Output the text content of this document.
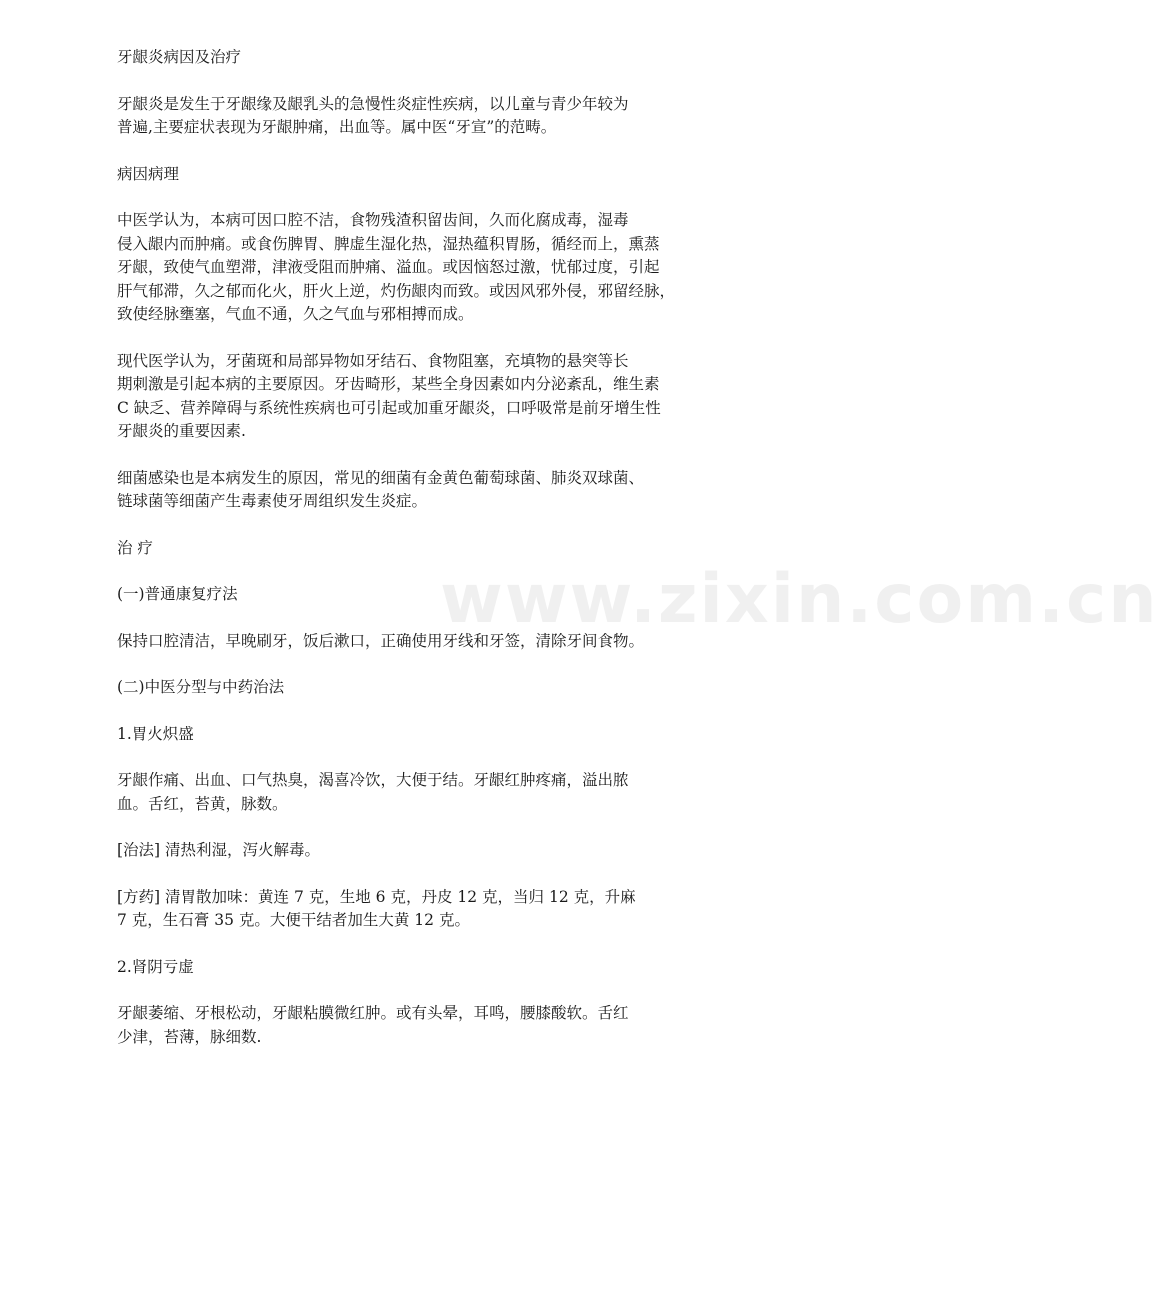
牙龈炎病因及治疗

牙龈炎是发生于牙龈缘及龈乳头的急慢性炎症性疾病，以儿童与青少年较为
普遍,主要症状表现为牙龈肿痛，出血等。属中医“牙宣”的范畴。

病因病理

中医学认为，本病可因口腔不洁，食物残渣积留齿间，久而化腐成毒，湿毒
侵入龈内而肿痛。或食伤脾胃、脾虚生湿化热，湿热蕴积胃肠，循经而上，熏蒸
牙龈，致使气血塑滞，津液受阻而肿痛、溢血。或因恼怒过激，忧郁过度，引起
肝气郁滞，久之郁而化火，肝火上逆，灼伤龈肉而致。或因风邪外侵，邪留经脉，
致使经脉壅塞，气血不通，久之气血与邪相搏而成。

现代医学认为，牙菌斑和局部异物如牙结石、食物阻塞，充填物的悬突等长
期刺激是引起本病的主要原因。牙齿畸形，某些全身因素如内分泌紊乱，维生素
C 缺乏、营养障碍与系统性疾病也可引起或加重牙龈炎，口呼吸常是前牙增生性
牙龈炎的重要因素.

细菌感染也是本病发生的原因，常见的细菌有金黄色葡萄球菌、肺炎双球菌、
链球菌等细菌产生毒素使牙周组织发生炎症。

治 疗

(一)普通康复疗法

保持口腔清洁，早晚刷牙，饭后漱口，正确使用牙线和牙签，清除牙间食物。

(二)中医分型与中药治法

1.胃火炽盛

牙龈作痛、出血、口气热臭，渴喜冷饮，大便于结。牙龈红肿疼痛，溢出脓
血。舌红，苔黄，脉数。

[治法] 清热利湿，泻火解毒。

[方药] 清胃散加味：黄连 7 克，生地 6 克，丹皮 12 克，当归 12 克，升麻
7 克，生石膏 35 克。大便干结者加生大黄 12 克。

2.肾阴亏虚

牙龈萎缩、牙根松动，牙龈粘膜微红肿。或有头晕，耳鸣，腰膝酸软。舌红
少津，苔薄，脉细数.

www.zixin.com.cn
